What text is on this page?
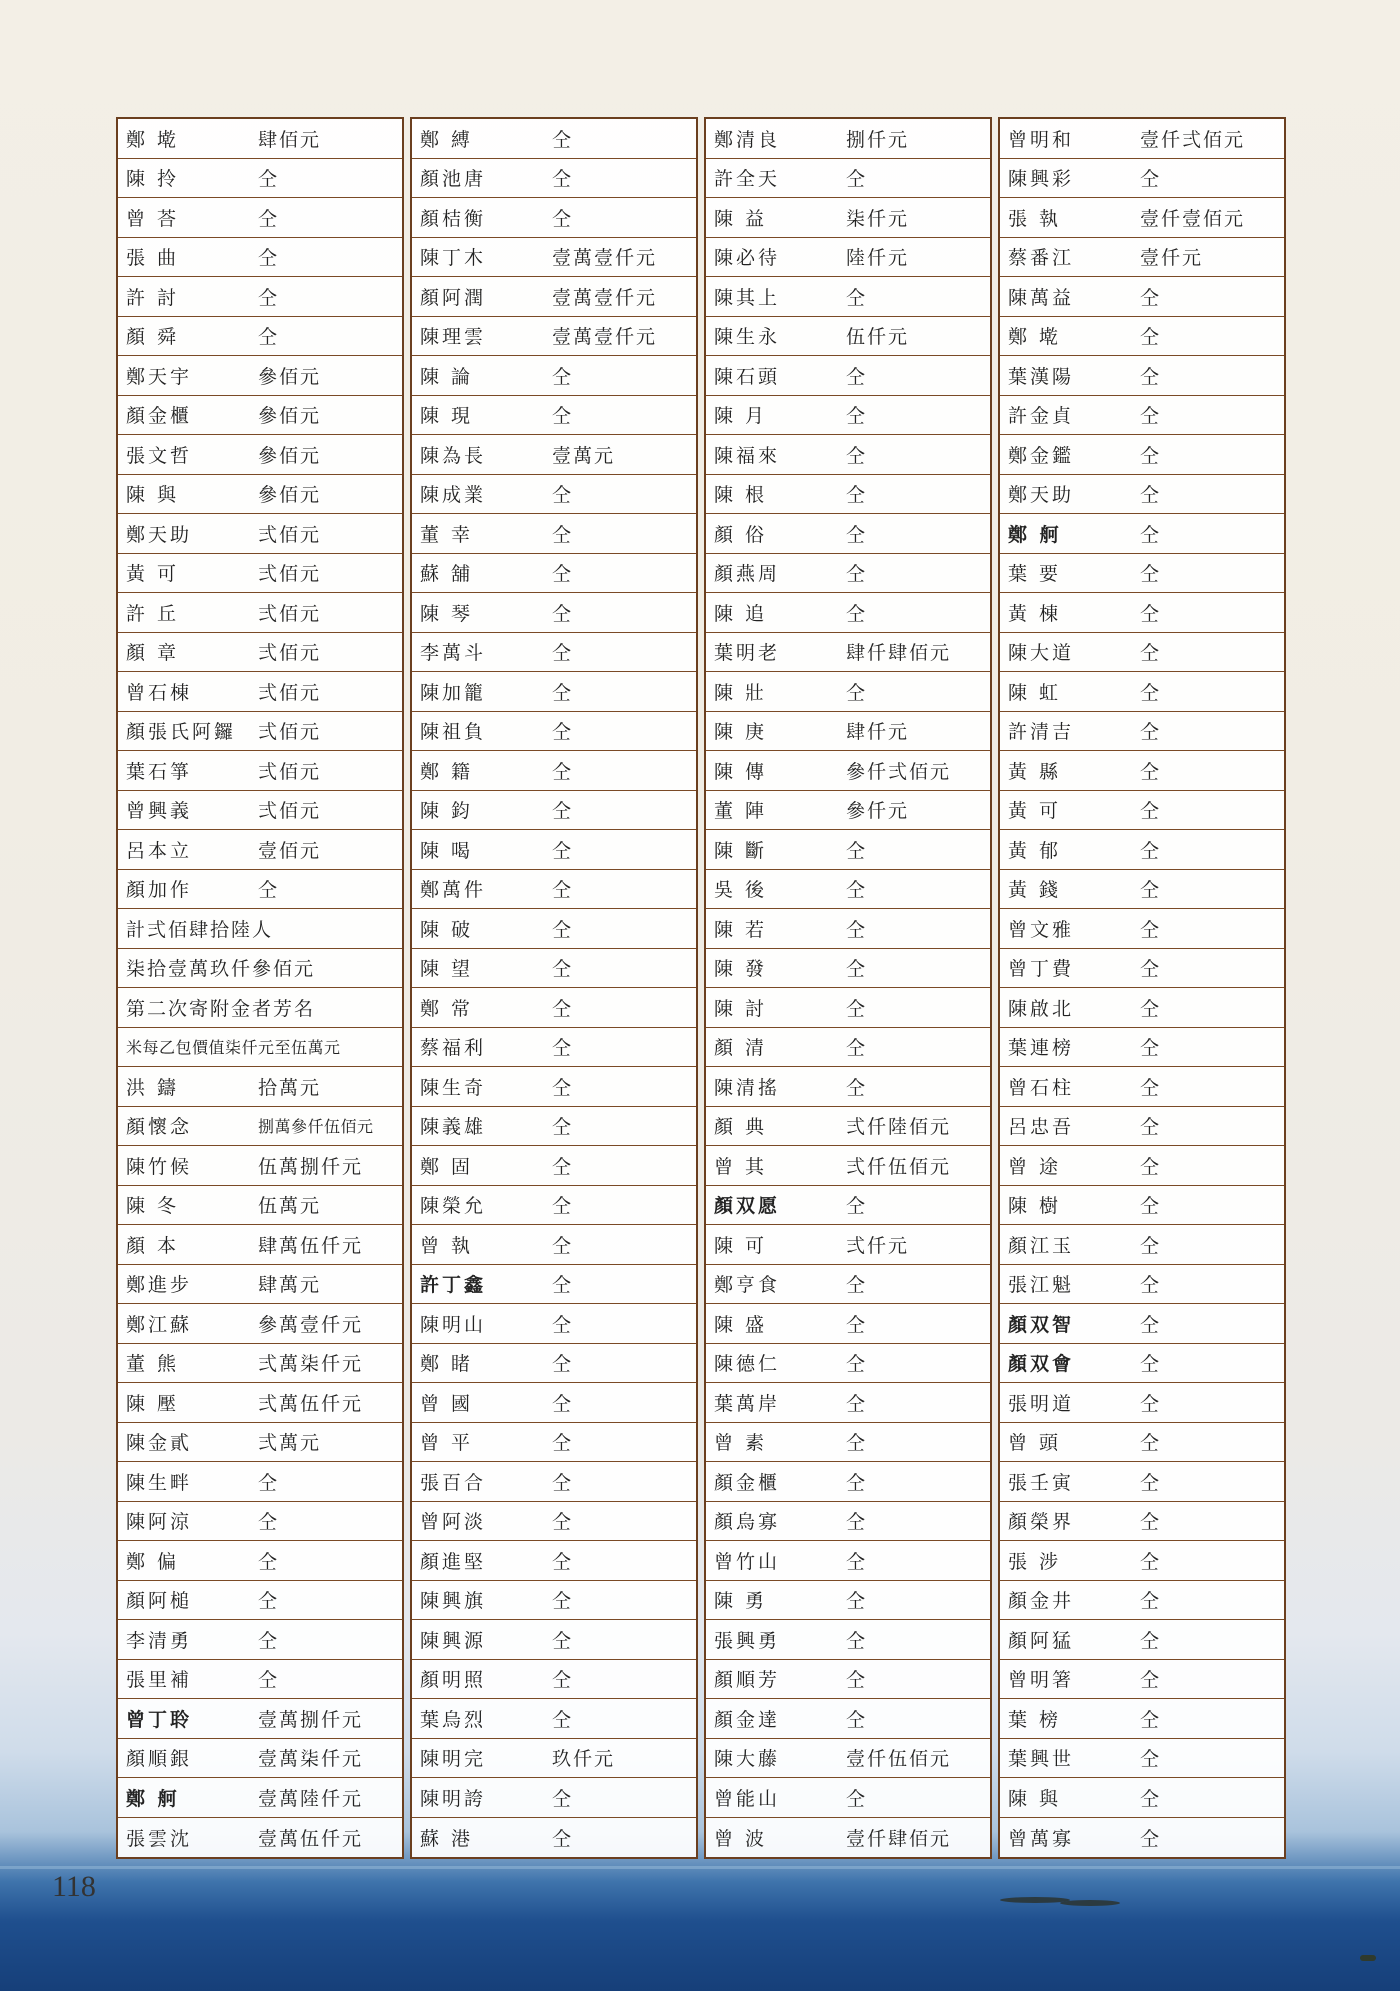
鄭 墘	肆佰元
陳 拎	仝
曾 荅	仝
張 曲	仝
許 討	仝
顏 舜	仝
鄭天宇	參佰元
顏金櫃	參佰元
張文哲	參佰元
陳 與	參佰元
鄭天助	弍佰元
黃 可	弍佰元
許 丘	弍佰元
顏 章	弍佰元
曾石棟	弍佰元
顏張氏阿鑼	弍佰元
葉石箏	弍佰元
曾興義	弍佰元
呂本立	壹佰元
顏加作	仝
計弍佰肆拾陸人
柒拾壹萬玖仟參佰元
第二次寄附金者芳名
米每乙包價值柒仟元至伍萬元
洪 鑄	拾萬元
顏懷念	捌萬參仟伍佰元
陳竹候	伍萬捌仟元
陳 冬	伍萬元
顏 本	肆萬伍仟元
鄭進步	肆萬元
鄭江蘇	參萬壹仟元
董 熊	弍萬柒仟元
陳 壓	弍萬伍仟元
陳金貳	弍萬元
陳生畔	仝
陳阿涼	仝
鄭 偏	仝
顏阿槌	仝
李清勇	仝
張里補	仝
曾丁聆	壹萬捌仟元
顏順銀	壹萬柒仟元
鄭 舸	壹萬陸仟元
張雲沈	壹萬伍仟元
鄭 縛	仝
顏池唐	仝
顏桔衡	仝
陳丁木	壹萬壹仟元
顏阿潤	壹萬壹仟元
陳理雲	壹萬壹仟元
陳 論	仝
陳 現	仝
陳為長	壹萬元
陳成業	仝
董 幸	仝
蘇 舖	仝
陳 琴	仝
李萬斗	仝
陳加籠	仝
陳祖負	仝
鄭 籍	仝
陳 鈞	仝
陳 喝	仝
鄭萬件	仝
陳 破	仝
陳 望	仝
鄭 常	仝
蔡福利	仝
陳生奇	仝
陳義雄	仝
鄭 固	仝
陳榮允	仝
曾 執	仝
許丁鑫	仝
陳明山	仝
鄭 睹	仝
曾 國	仝
曾 平	仝
張百合	仝
曾阿淡	仝
顏進堅	仝
陳興旗	仝
陳興源	仝
顏明照	仝
葉烏烈	仝
陳明完	玖仟元
陳明誇	仝
蘇 港	仝
鄭清良	捌仟元
許全天	仝
陳 益	柒仟元
陳必待	陸仟元
陳其上	仝
陳生永	伍仟元
陳石頭	仝
陳 月	仝
陳福來	仝
陳 根	仝
顏 俗	仝
顏燕周	仝
陳 追	仝
葉明老	肆仟肆佰元
陳 壯	仝
陳 庚	肆仟元
陳 傳	參仟弍佰元
董 陣	參仟元
陳 斷	仝
吳 後	仝
陳 若	仝
陳 發	仝
陳 討	仝
顏 清	仝
陳清搖	仝
顏 典	弍仟陸佰元
曾 其	弍仟伍佰元
顏双愿	仝
陳 可	弍仟元
鄭亨食	仝
陳 盛	仝
陳德仁	仝
葉萬岸	仝
曾 素	仝
顏金櫃	仝
顏烏寡	仝
曾竹山	仝
陳 勇	仝
張興勇	仝
顏順芳	仝
顏金達	仝
陳大藤	壹仟伍佰元
曾能山	仝
曾 波	壹仟肆佰元
曾明和	壹仟弍佰元
陳興彩	仝
張 執	壹仟壹佰元
蔡番江	壹仟元
陳萬益	仝
鄭 墘	仝
葉漢陽	仝
許金貞	仝
鄭金鑑	仝
鄭天助	仝
鄭 舸	仝
葉 要	仝
黃 棟	仝
陳大道	仝
陳 虹	仝
許清吉	仝
黃 縣	仝
黃 可	仝
黃 郁	仝
黃 錢	仝
曾文雅	仝
曾丁費	仝
陳啟北	仝
葉連榜	仝
曾石柱	仝
呂忠吾	仝
曾 途	仝
陳 樹	仝
顏江玉	仝
張江魁	仝
顏双智	仝
顏双會	仝
張明道	仝
曾 頭	仝
張壬寅	仝
顏榮界	仝
張 涉	仝
顏金井	仝
顏阿猛	仝
曾明箸	仝
葉 榜	仝
葉興世	仝
陳 與	仝
曾萬寡	仝
118
